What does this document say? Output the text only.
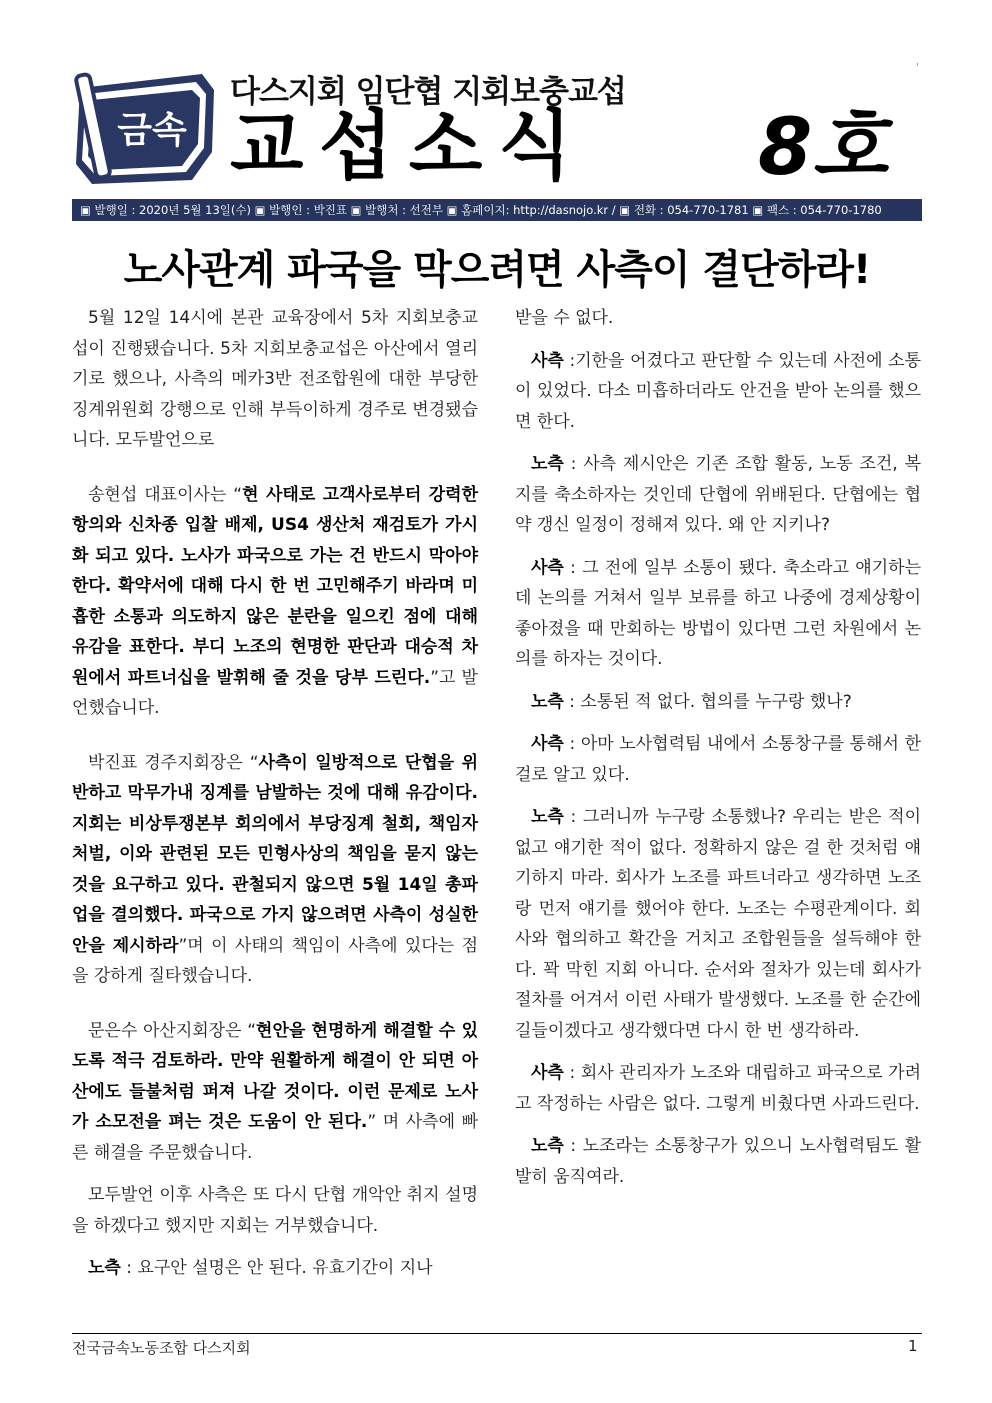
금속
다스지회 임단협 지회보충교섭
교섭소식 8호
'
▣ 발행일 : 2020년 5월 13일(수) ▣ 발행인 : 박진표 ▣ 발행처 : 선전부 ▣ 홈페이지: http://dasnojo.kr / ▣ 전화 : 054-770-1781 ▣ 팩스 : 054-770-1780
노사관계 파국을 막으려면 사측이 결단하라!

5월 12일 14시에 본관 교육장에서 5차 지회보충교섭이 진행됐습니다. 5차 지회보충교섭은 아산에서 열리기로 했으나, 사측의 메카3반 전조합원에 대한 부당한 징계위원회 강행으로 인해 부득이하게 경주로 변경됐습니다. 모두발언으로

송현섭 대표이사는 “현 사태로 고객사로부터 강력한 항의와 신차종 입찰 배제, US4 생산처 재검토가 가시화 되고 있다. 노사가 파국으로 가는 건 반드시 막아야 한다. 확약서에 대해 다시 한 번 고민해주기 바라며 미흡한 소통과 의도하지 않은 분란을 일으킨 점에 대해 유감을 표한다. 부디 노조의 현명한 판단과 대승적 차원에서 파트너십을 발휘해 줄 것을 당부 드린다.”고 발언했습니다.

박진표 경주지회장은 “사측이 일방적으로 단협을 위반하고 막무가내 징계를 남발하는 것에 대해 유감이다. 지회는 비상투쟁본부 회의에서 부당징계 철회, 책임자 처벌, 이와 관련된 모든 민형사상의 책임을 묻지 않는 것을 요구하고 있다. 관철되지 않으면 5월 14일 총파업을 결의했다. 파국으로 가지 않으려면 사측이 성실한 안을 제시하라”며 이 사태의 책임이 사측에 있다는 점을 강하게 질타했습니다.

문은수 아산지회장은 “현안을 현명하게 해결할 수 있도록 적극 검토하라. 만약 원활하게 해결이 안 되면 아산에도 들불처럼 퍼져 나갈 것이다. 이런 문제로 노사가 소모전을 펴는 것은 도움이 안 된다.” 며 사측에 빠른 해결을 주문했습니다.

모두발언 이후 사측은 또 다시 단협 개악안 취지 설명을 하겠다고 했지만 지회는 거부했습니다.

노측 : 요구안 설명은 안 된다. 유효기간이 지나

받을 수 없다.

사측 :기한을 어겼다고 판단할 수 있는데 사전에 소통이 있었다. 다소 미흡하더라도 안건을 받아 논의를 했으면 한다.

노측 : 사측 제시안은 기존 조합 활동, 노동 조건, 복지를 축소하자는 것인데 단협에 위배된다. 단협에는 협약 갱신 일정이 정해져 있다. 왜 안 지키나?

사측 : 그 전에 일부 소통이 됐다. 축소라고 얘기하는데 논의를 거쳐서 일부 보류를 하고 나중에 경제상황이 좋아졌을 때 만회하는 방법이 있다면 그런 차원에서 논의를 하자는 것이다.

노측 : 소통된 적 없다. 협의를 누구랑 했나?

사측 : 아마 노사협력팀 내에서 소통창구를 통해서 한 걸로 알고 있다.

노측 : 그러니까 누구랑 소통했나? 우리는 받은 적이 없고 얘기한 적이 없다. 정확하지 않은 걸 한 것처럼 얘기하지 마라. 회사가 노조를 파트너라고 생각하면 노조랑 먼저 얘기를 했어야 한다. 노조는 수평관계이다. 회사와 협의하고 확간을 거치고 조합원들을 설득해야 한다. 꽉 막힌 지회 아니다. 순서와 절차가 있는데 회사가 절차를 어겨서 이런 사태가 발생했다. 노조를 한 순간에 길들이겠다고 생각했다면 다시 한 번 생각하라.

사측 : 회사 관리자가 노조와 대립하고 파국으로 가려고 작정하는 사람은 없다. 그렇게 비췄다면 사과드린다.

노측 : 노조라는 소통창구가 있으니 노사협력팀도 활발히 움직여라.

전국금속노동조합 다스지회	1
